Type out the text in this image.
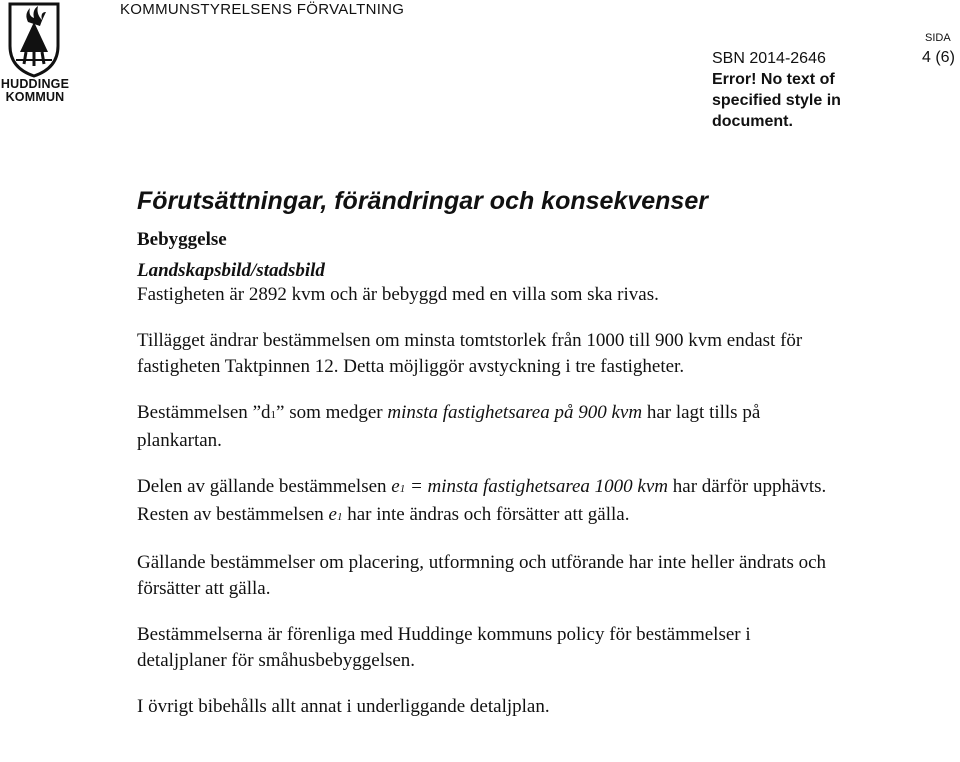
HUDDINGE
KOMMUN
KOMMUNSTYRELSENS FÖRVALTNING
SIDA
4 (6)
SBN 2014-2646
Error! No text of specified style in document.
Förutsättningar, förändringar och konsekvenser
Bebyggelse
Landskapsbild/stadsbild

Fastigheten är 2892 kvm och är bebyggd med en villa som ska rivas.

Tillägget ändrar bestämmelsen om minsta tomtstorlek från 1000 till 900 kvm endast för fastigheten Taktpinnen 12. Detta möjliggör avstyckning i tre fastigheter.

Bestämmelsen ”d1” som medger minsta fastighetsarea på 900 kvm har lagt tills på plankartan.

Delen av gällande bestämmelsen e1 = minsta fastighetsarea 1000 kvm har därför upphävts. Resten av bestämmelsen e1 har inte ändras och försätter att gälla.

Gällande bestämmelser om placering, utformning och utförande har inte heller ändrats och försätter att gälla.

Bestämmelserna är förenliga med Huddinge kommuns policy för bestämmelser i detaljplaner för småhusbebyggelsen.

I övrigt bibehålls allt annat i underliggande detaljplan.
